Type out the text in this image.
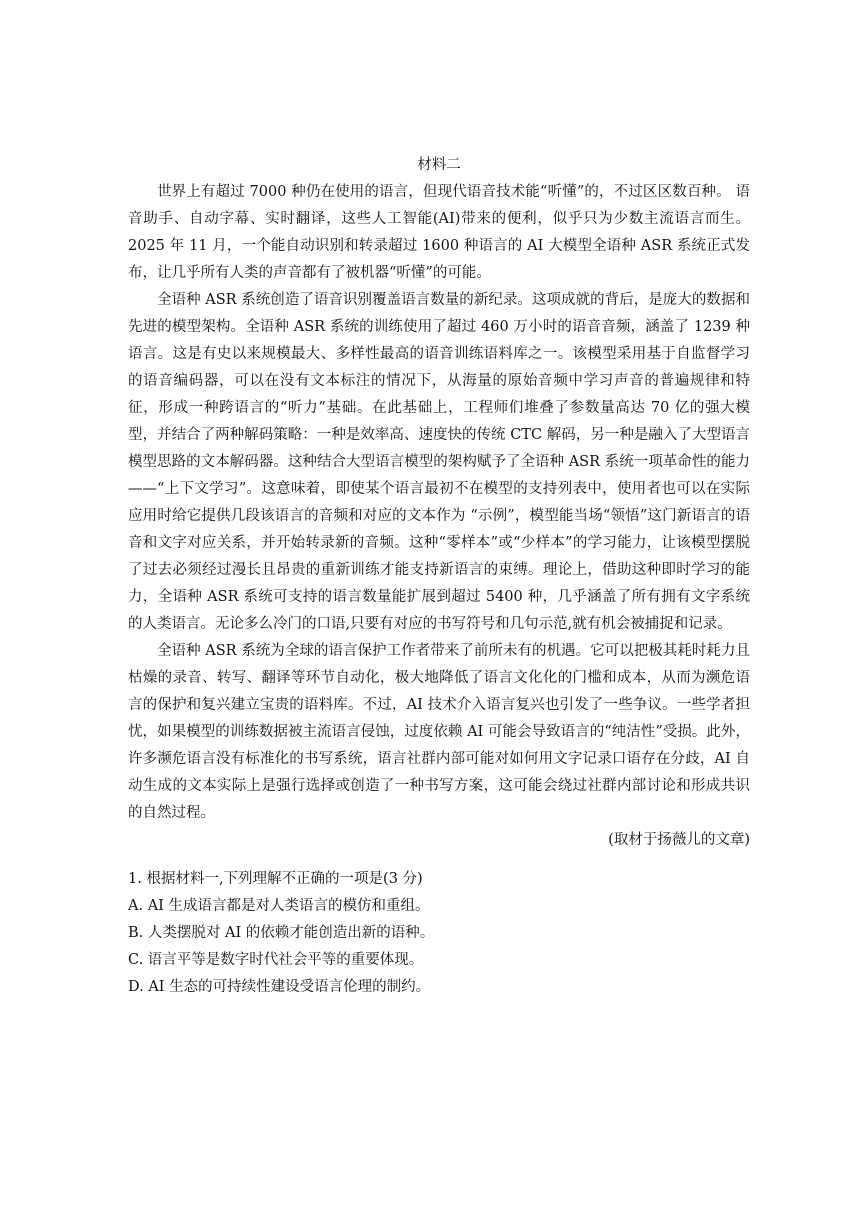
材料二

世界上有超过 7000 种仍在使用的语言，但现代语音技术能“听懂”的，不过区区数百种。 语音助手、自动字幕、实时翻译，这些人工智能(AI)带来的便利，似乎只为少数主流语言而生。2025 年 11 月，一个能自动识别和转录超过 1600 种语言的 AI 大模型全语种 ASR 系统正式发布，让几乎所有人类的声音都有了被机器“听懂”的可能。

全语种 ASR 系统创造了语音识别覆盖语言数量的新纪录。这项成就的背后，是庞大的数据和先进的模型架构。全语种 ASR 系统的训练使用了超过 460 万小时的语音音频，涵盖了 1239 种语言。这是有史以来规模最大、多样性最高的语音训练语料库之一。该模型采用基于自监督学习的语音编码器，可以在没有文本标注的情况下，从海量的原始音频中学习声音的普遍规律和特征，形成一种跨语言的“听力”基础。在此基础上，工程师们堆叠了参数量高达 70 亿的强大模型，并结合了两种解码策略：一种是效率高、速度快的传统 CTC 解码，另一种是融入了大型语言模型思路的文本解码器。这种结合大型语言模型的架构赋予了全语种 ASR 系统一项革命性的能力——“上下文学习”。这意味着，即使某个语言最初不在模型的支持列表中，使用者也可以在实际应用时给它提供几段该语言的音频和对应的文本作为 “示例”，模型能当场“领悟”这门新语言的语音和文字对应关系，并开始转录新的音频。这种“零样本”或“少样本”的学习能力，让该模型摆脱了过去必须经过漫长且昂贵的重新训练才能支持新语言的束缚。理论上，借助这种即时学习的能力，全语种 ASR 系统可支持的语言数量能扩展到超过 5400 种，几乎涵盖了所有拥有文字系统的人类语言。无论多么冷门的口语,只要有对应的书写符号和几句示范,就有机会被捕捉和记录。

全语种 ASR 系统为全球的语言保护工作者带来了前所未有的机遇。它可以把极其耗时耗力且枯燥的录音、转写、翻译等环节自动化，极大地降低了语言文化化的门槛和成本，从而为濒危语言的保护和复兴建立宝贵的语料库。不过，AI 技术介入语言复兴也引发了一些争议。一些学者担忧，如果模型的训练数据被主流语言侵蚀，过度依赖 AI 可能会导致语言的“纯洁性”受损。此外，许多濒危语言没有标准化的书写系统，语言社群内部可能对如何用文字记录口语存在分歧，AI 自动生成的文本实际上是强行选择或创造了一种书写方案，这可能会绕过社群内部讨论和形成共识的自然过程。

(取材于扬薇儿的文章)

1. 根据材料一,下列理解不正确的一项是(3 分)

A. AI 生成语言都是对人类语言的模仿和重组。

B. 人类摆脱对 AI 的依赖才能创造出新的语种。

C. 语言平等是数字时代社会平等的重要体现。

D. AI 生态的可持续性建设受语言伦理的制约。
